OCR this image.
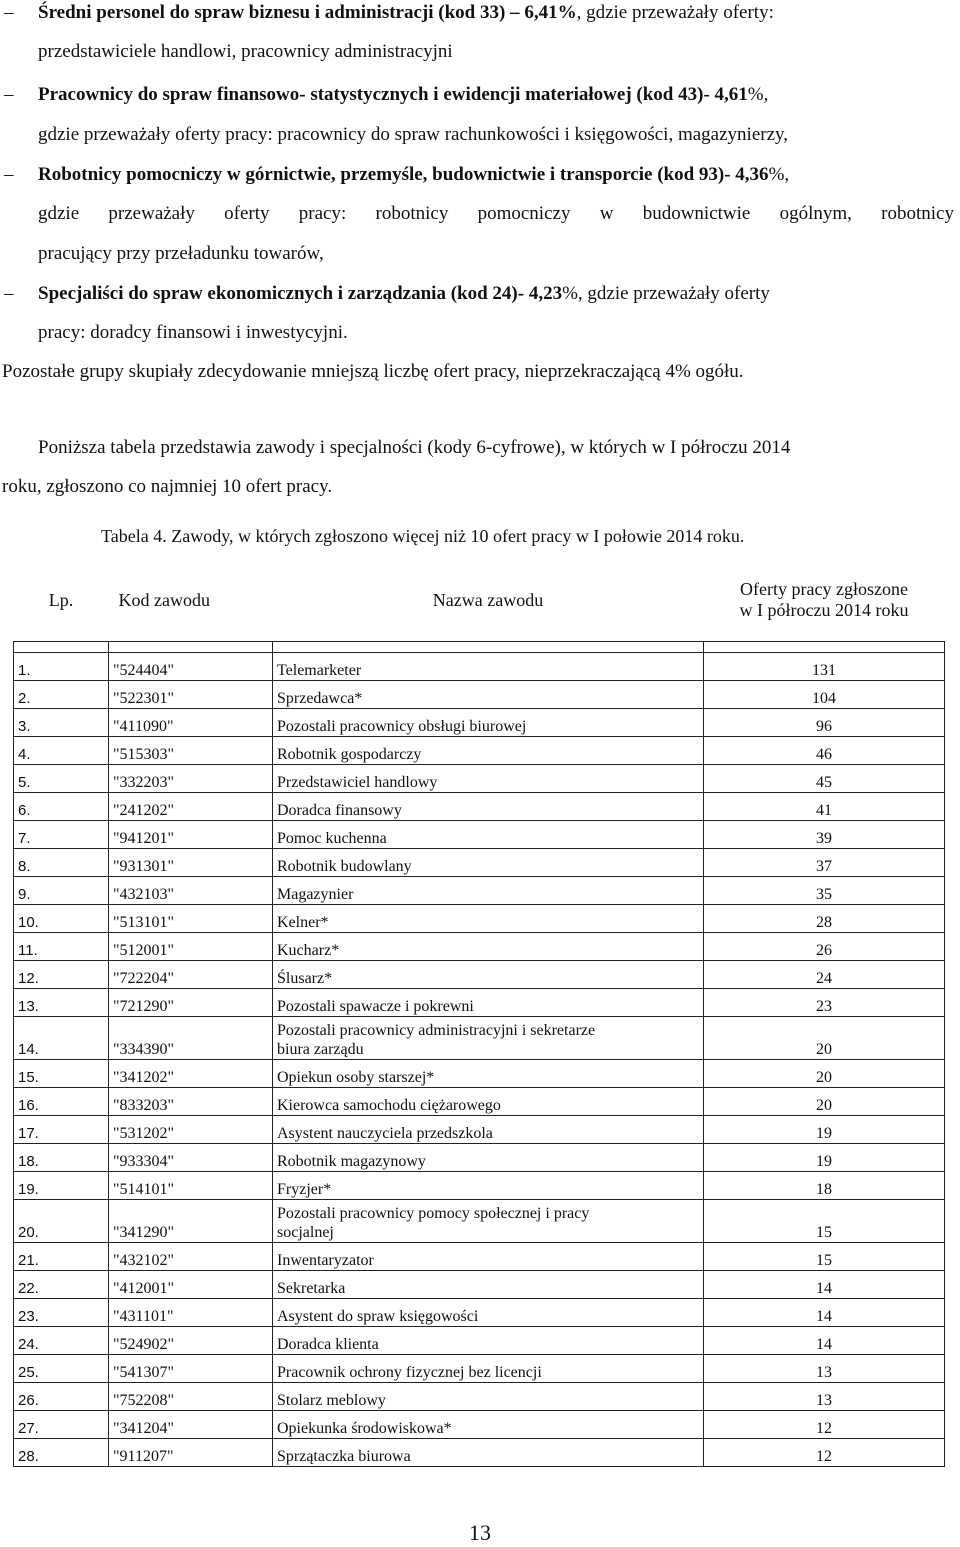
– Średni personel do spraw biznesu i administracji (kod 33) – 6,41%, gdzie przeważały oferty:
przedstawiciele handlowi, pracownicy administracyjni
– Pracownicy do spraw finansowo- statystycznych i ewidencji materiałowej (kod 43)- 4,61%,
gdzie przeważały oferty pracy: pracownicy do spraw rachunkowości i księgowości, magazynierzy,
– Robotnicy pomocniczy w górnictwie, przemyśle, budownictwie i transporcie (kod 93)- 4,36%,
gdzie przeważały oferty pracy: robotnicy pomocniczy w budownictwie ogólnym, robotnicy
pracujący przy przeładunku towarów,
– Specjaliści do spraw ekonomicznych i zarządzania (kod 24)- 4,23%, gdzie przeważały oferty
pracy: doradcy finansowi i inwestycyjni.
Pozostałe grupy skupiały zdecydowanie mniejszą liczbę ofert pracy, nieprzekraczającą 4% ogółu.
Poniższa tabela przedstawia zawody i specjalności (kody 6-cyfrowe), w których w I półroczu 2014
roku, zgłoszono co najmniej 10 ofert pracy.
Tabela 4. Zawody, w których zgłoszono więcej niż 10 ofert pracy w I połowie 2014 roku.
Lp.	Kod zawodu	Nazwa zawodu	Oferty pracy zgłoszone
w I półroczu 2014 roku

1.	"524404"	Telemarketer	131
2.	"522301"	Sprzedawca*	104
3.	"411090"	Pozostali pracownicy obsługi biurowej	96
4.	"515303"	Robotnik gospodarczy	46
5.	"332203"	Przedstawiciel handlowy	45
6.	"241202"	Doradca finansowy	41
7.	"941201"	Pomoc kuchenna	39
8.	"931301"	Robotnik budowlany	37
9.	"432103"	Magazynier	35
10.	"513101"	Kelner*	28
11.	"512001"	Kucharz*	26
12.	"722204"	Ślusarz*	24
13.	"721290"	Pozostali spawacze i pokrewni	23
14.	"334390"	Pozostali pracownicy administracyjni i sekretarze
biura zarządu	20
15.	"341202"	Opiekun osoby starszej*	20
16.	"833203"	Kierowca samochodu ciężarowego	20
17.	"531202"	Asystent nauczyciela przedszkola	19
18.	"933304"	Robotnik magazynowy	19
19.	"514101"	Fryzjer*	18
20.	"341290"	Pozostali pracownicy pomocy społecznej i pracy
socjalnej	15
21.	"432102"	Inwentaryzator	15
22.	"412001"	Sekretarka	14
23.	"431101"	Asystent do spraw księgowości	14
24.	"524902"	Doradca klienta	14
25.	"541307"	Pracownik ochrony fizycznej bez licencji	13
26.	"752208"	Stolarz meblowy	13
27.	"341204"	Opiekunka środowiskowa*	12
28.	"911207"	Sprzątaczka biurowa	12
13
